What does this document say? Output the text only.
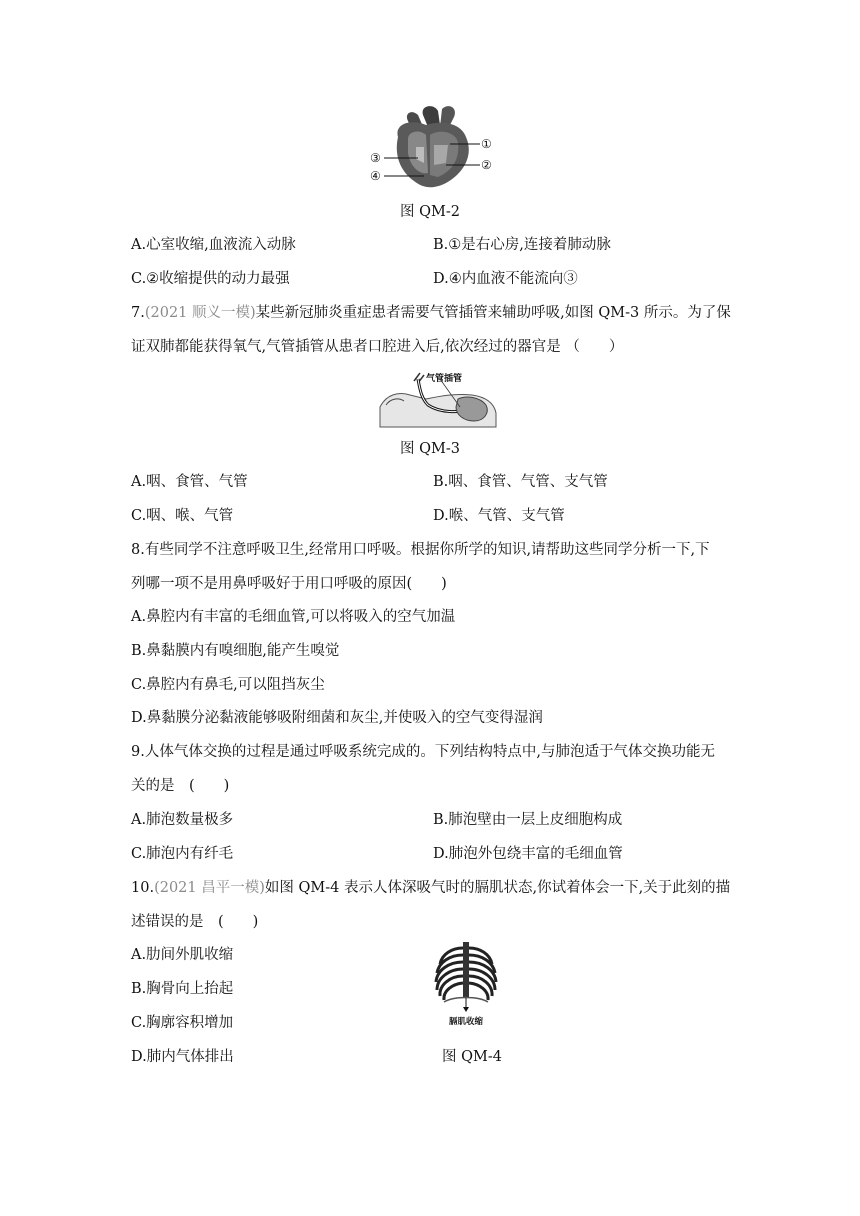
①
②
③
④
图 QM-2
A.心室收缩,血液流入动脉	B.①是右心房,连接着肺动脉
C.②收缩提供的动力最强	D.④内血液不能流向③
7.(2021 顺义一模)某些新冠肺炎重症患者需要气管插管来辅助呼吸,如图 QM-3 所示。为了保
证双肺都能获得氧气,气管插管从患者口腔进入后,依次经过的器官是 （　　）
气管插管
图 QM-3
A.咽、食管、气管	B.咽、食管、气管、支气管
C.咽、喉、气管	D.喉、气管、支气管
8.有些同学不注意呼吸卫生,经常用口呼吸。根据你所学的知识,请帮助这些同学分析一下,下
列哪一项不是用鼻呼吸好于用口呼吸的原因(　　)
A.鼻腔内有丰富的毛细血管,可以将吸入的空气加温
B.鼻黏膜内有嗅细胞,能产生嗅觉
C.鼻腔内有鼻毛,可以阻挡灰尘
D.鼻黏膜分泌黏液能够吸附细菌和灰尘,并使吸入的空气变得湿润
9.人体气体交换的过程是通过呼吸系统完成的。下列结构特点中,与肺泡适于气体交换功能无
关的是　(　　)
A.肺泡数量极多	B.肺泡壁由一层上皮细胞构成
C.肺泡内有纤毛	D.肺泡外包绕丰富的毛细血管
10.(2021 昌平一模)如图 QM-4 表示人体深吸气时的膈肌状态,你试着体会一下,关于此刻的描
述错误的是　(　　)
A.肋间外肌收缩
B.胸骨向上抬起
C.胸廓容积增加
D.肺内气体排出
膈肌收缩
图 QM-4
